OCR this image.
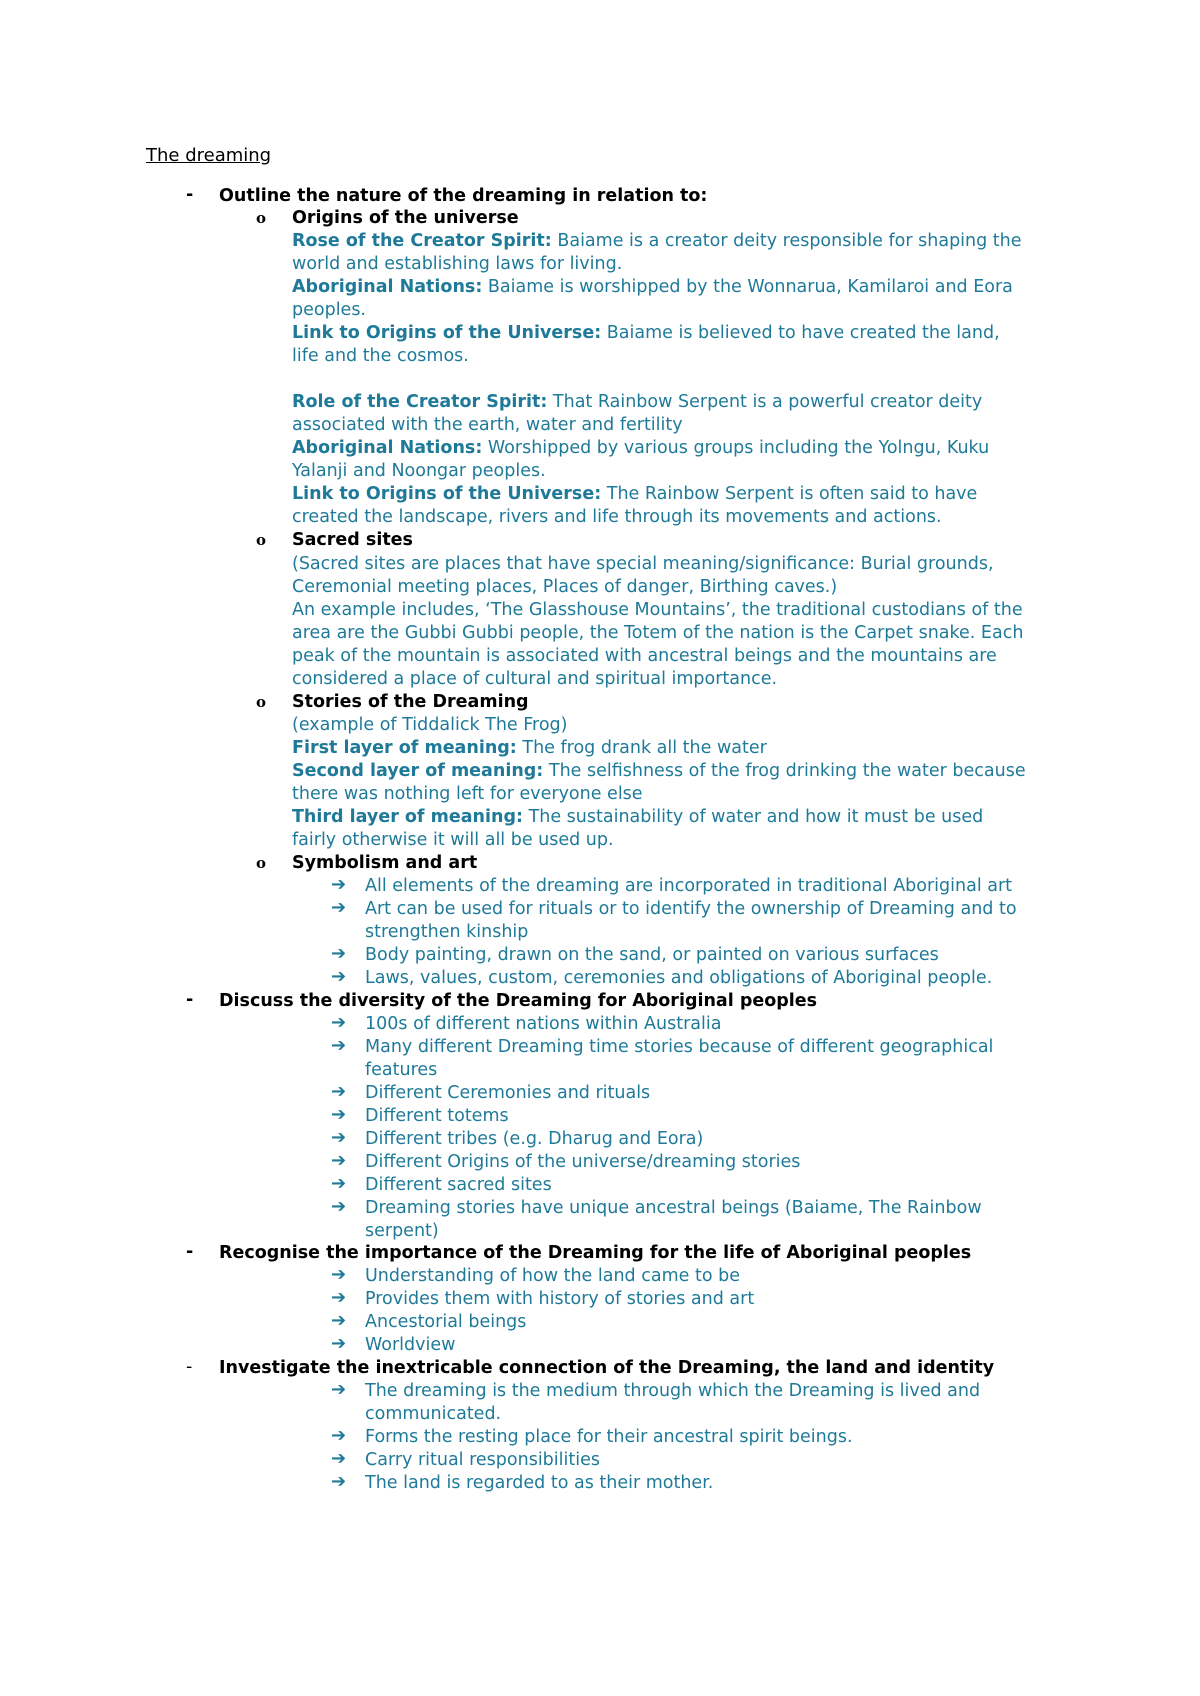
The dreaming
- Outline the nature of the dreaming in relation to:
o Origins of the universe
Rose of the Creator Spirit: Baiame is a creator deity responsible for shaping the
world and establishing laws for living.
Aboriginal Nations: Baiame is worshipped by the Wonnarua, Kamilaroi and Eora
peoples.
Link to Origins of the Universe: Baiame is believed to have created the land,
life and the cosmos.
Role of the Creator Spirit: That Rainbow Serpent is a powerful creator deity
associated with the earth, water and fertility
Aboriginal Nations: Worshipped by various groups including the Yolngu, Kuku
Yalanji and Noongar peoples.
Link to Origins of the Universe: The Rainbow Serpent is often said to have
created the landscape, rivers and life through its movements and actions.
o Sacred sites
(Sacred sites are places that have special meaning/significance: Burial grounds,
Ceremonial meeting places, Places of danger, Birthing caves.)
An example includes, ‘The Glasshouse Mountains’, the traditional custodians of the
area are the Gubbi Gubbi people, the Totem of the nation is the Carpet snake. Each
peak of the mountain is associated with ancestral beings and the mountains are
considered a place of cultural and spiritual importance.
o Stories of the Dreaming
(example of Tiddalick The Frog)
First layer of meaning: The frog drank all the water
Second layer of meaning: The selfishness of the frog drinking the water because
there was nothing left for everyone else
Third layer of meaning: The sustainability of water and how it must be used
fairly otherwise it will all be used up.
o Symbolism and art
➔ All elements of the dreaming are incorporated in traditional Aboriginal art
➔ Art can be used for rituals or to identify the ownership of Dreaming and to
strengthen kinship
➔ Body painting, drawn on the sand, or painted on various surfaces
➔ Laws, values, custom, ceremonies and obligations of Aboriginal people.
- Discuss the diversity of the Dreaming for Aboriginal peoples
➔ 100s of different nations within Australia
➔ Many different Dreaming time stories because of different geographical
features
➔ Different Ceremonies and rituals
➔ Different totems
➔ Different tribes (e.g. Dharug and Eora)
➔ Different Origins of the universe/dreaming stories
➔ Different sacred sites
➔ Dreaming stories have unique ancestral beings (Baiame, The Rainbow
serpent)
- Recognise the importance of the Dreaming for the life of Aboriginal peoples
➔ Understanding of how the land came to be
➔ Provides them with history of stories and art
➔ Ancestorial beings
➔ Worldview
- Investigate the inextricable connection of the Dreaming, the land and identity
➔ The dreaming is the medium through which the Dreaming is lived and
communicated.
➔ Forms the resting place for their ancestral spirit beings.
➔ Carry ritual responsibilities
➔ The land is regarded to as their mother.
